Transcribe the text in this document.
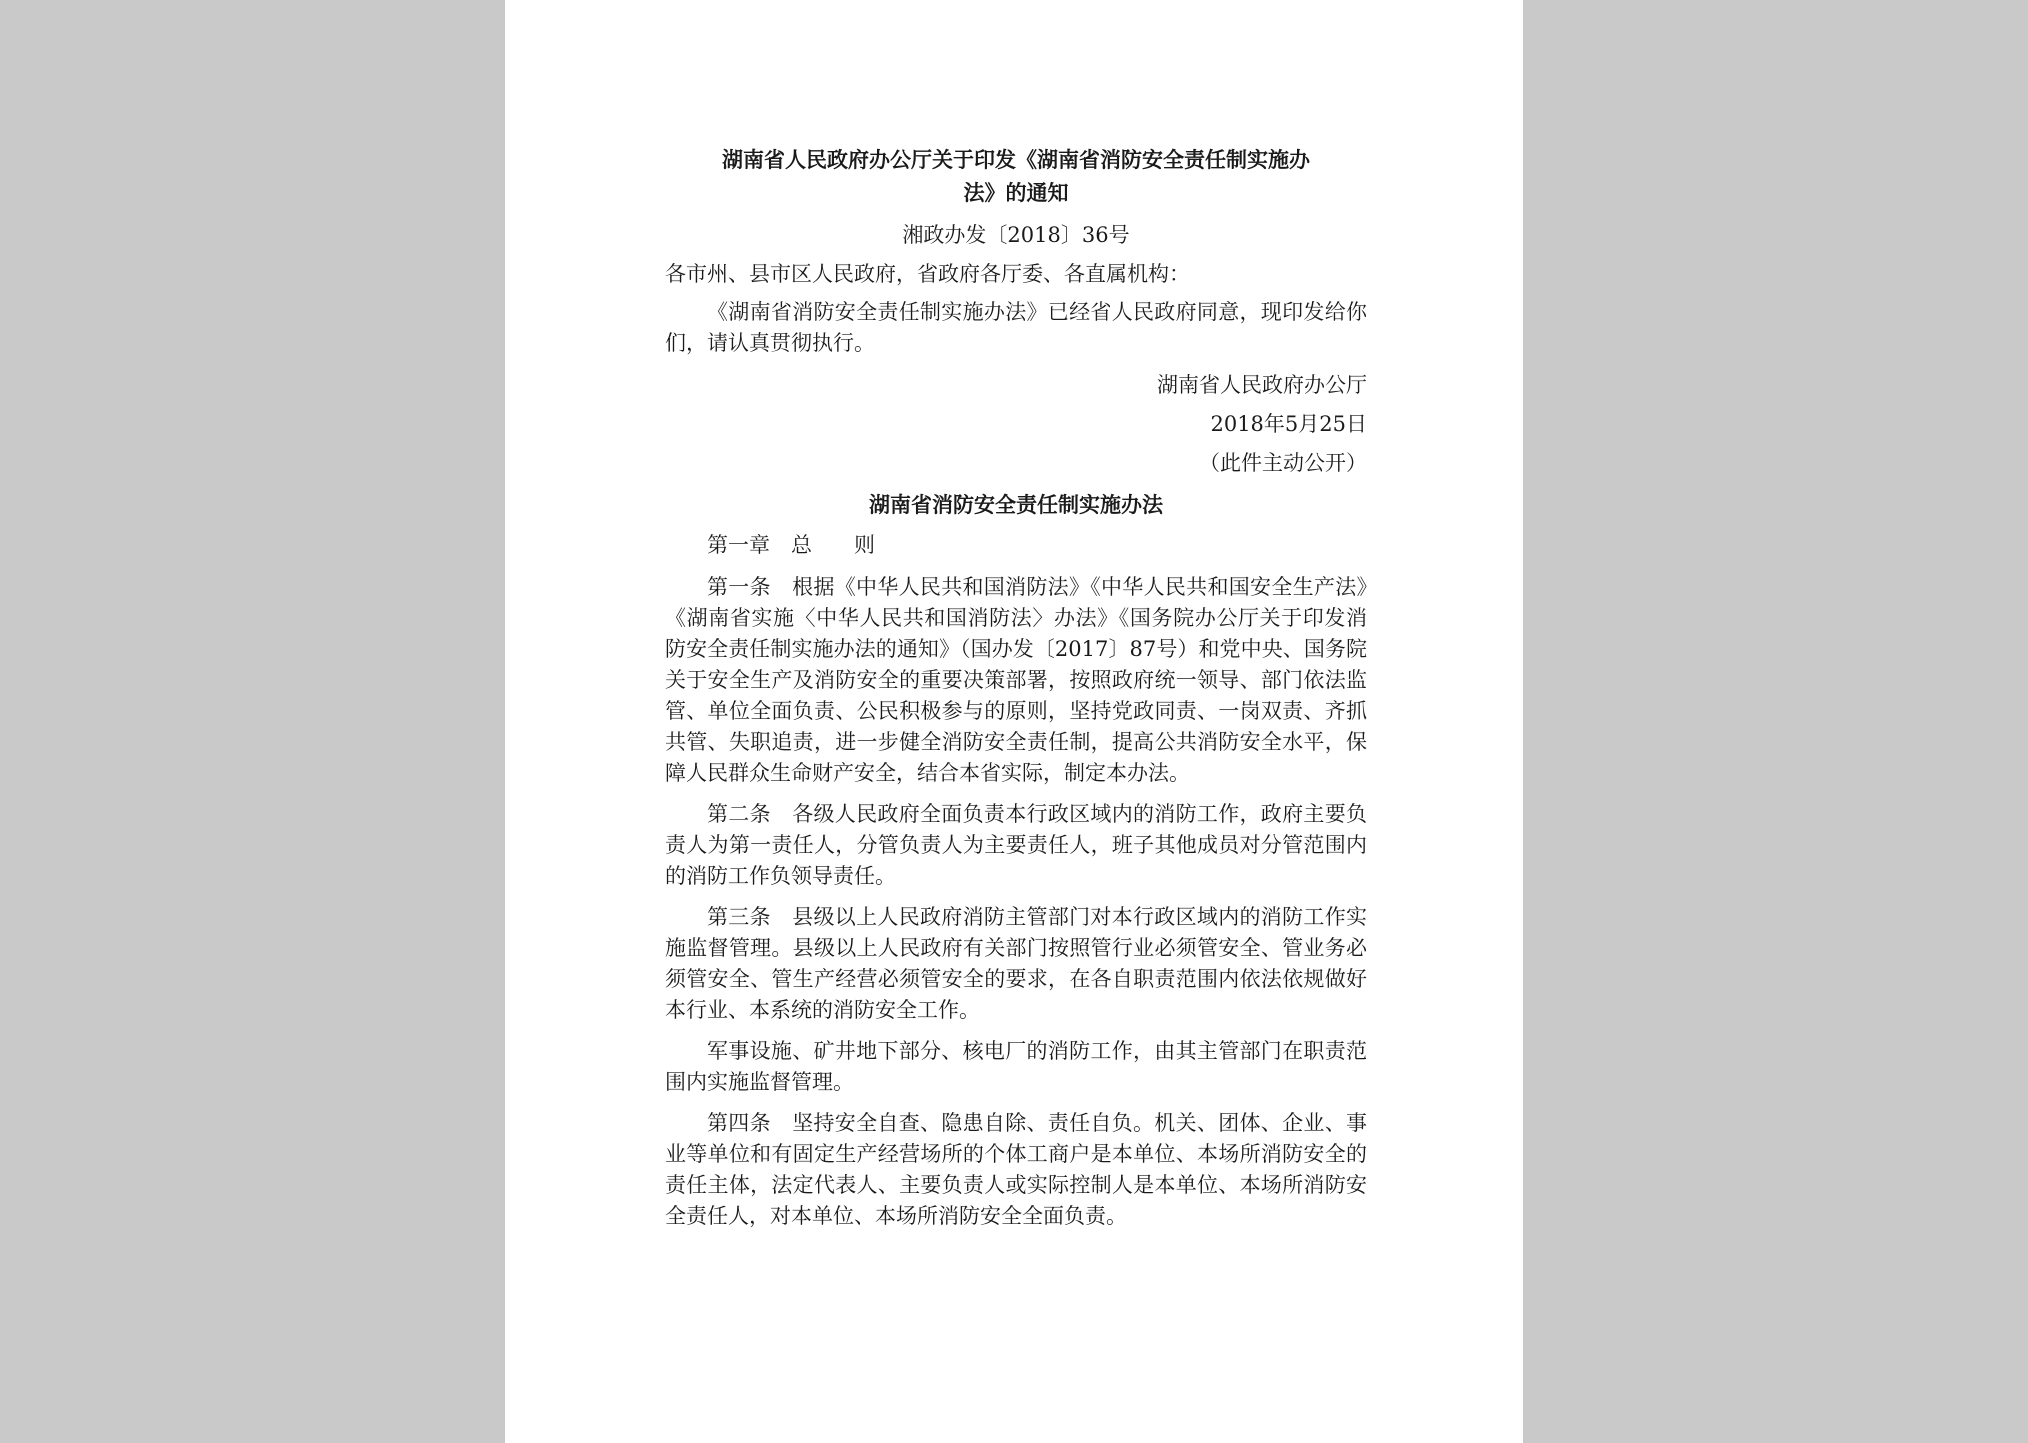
湖南省人民政府办公厅关于印发《湖南省消防安全责任制实施办
法》的通知
湘政办发〔2018〕36号
各市州、县市区人民政府，省政府各厅委、各直属机构：

《湖南省消防安全责任制实施办法》已经省人民政府同意，现印发给你们，请认真贯彻执行。

湖南省人民政府办公厅
2018年5月25日
（此件主动公开）
湖南省消防安全责任制实施办法
第一章　总　　则

第一条　根据《中华人民共和国消防法》《中华人民共和国安全生产法》《湖南省实施〈中华人民共和国消防法〉办法》《国务院办公厅关于印发消防安全责任制实施办法的通知》（国办发〔2017〕87号）和党中央、国务院关于安全生产及消防安全的重要决策部署，按照政府统一领导、部门依法监管、单位全面负责、公民积极参与的原则，坚持党政同责、一岗双责、齐抓共管、失职追责，进一步健全消防安全责任制，提高公共消防安全水平，保障人民群众生命财产安全，结合本省实际，制定本办法。

第二条　各级人民政府全面负责本行政区域内的消防工作，政府主要负责人为第一责任人，分管负责人为主要责任人，班子其他成员对分管范围内的消防工作负领导责任。

第三条　县级以上人民政府消防主管部门对本行政区域内的消防工作实施监督管理。县级以上人民政府有关部门按照管行业必须管安全、管业务必须管安全、管生产经营必须管安全的要求，在各自职责范围内依法依规做好本行业、本系统的消防安全工作。

军事设施、矿井地下部分、核电厂的消防工作，由其主管部门在职责范围内实施监督管理。

第四条　坚持安全自查、隐患自除、责任自负。机关、团体、企业、事业等单位和有固定生产经营场所的个体工商户是本单位、本场所消防安全的责任主体，法定代表人、主要负责人或实际控制人是本单位、本场所消防安全责任人，对本单位、本场所消防安全全面负责。
